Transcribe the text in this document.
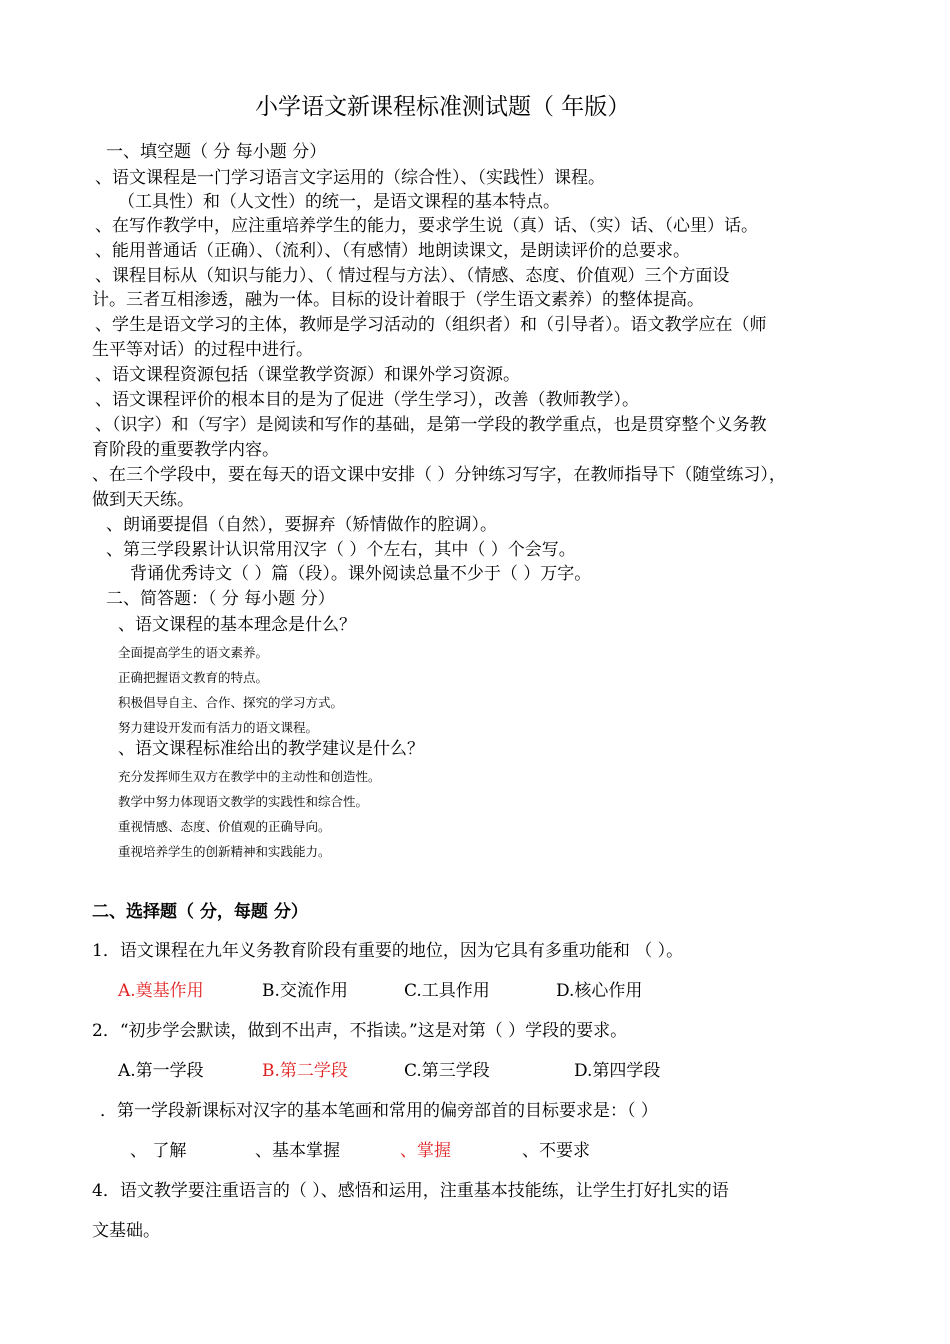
小学语文新课程标准测试题（ 年版）
一、填空题（ 分 每小题 分）
、语文课程是一门学习语言文字运用的（综合性）、（实践性）课程。
（工具性）和（人文性）的统一，是语文课程的基本特点。
、在写作教学中，应注重培养学生的能力，要求学生说（真）话、（实）话、（心里）话。
、能用普通话（正确）、（流利）、（有感情）地朗读课文，是朗读评价的总要求。
、课程目标从（知识与能力）、（ 情过程与方法）、（情感、态度、价值观）三个方面设
计。三者互相渗透，融为一体。目标的设计着眼于（学生语文素养）的整体提高。
、学生是语文学习的主体，教师是学习活动的（组织者）和（引导者）。语文教学应在（师
生平等对话）的过程中进行。
、语文课程资源包括（课堂教学资源）和课外学习资源。
、语文课程评价的根本目的是为了促进（学生学习），改善（教师教学）。
、（识字）和（写字）是阅读和写作的基础，是第一学段的教学重点，也是贯穿整个义务教
育阶段的重要教学内容。
、在三个学段中，要在每天的语文课中安排（ ）分钟练习写字，在教师指导下（随堂练习），
做到天天练。
、朗诵要提倡（自然），要摒弃（矫情做作的腔调）。
、第三学段累计认识常用汉字（ ）个左右，其中（ ）个会写。
背诵优秀诗文（ ）篇（段）。课外阅读总量不少于（ ）万字。
二、简答题：（ 分 每小题 分）
、语文课程的基本理念是什么？
全面提高学生的语文素养。
正确把握语文教育的特点。
积极倡导自主、合作、探究的学习方式。
努力建设开发而有活力的语文课程。
、语文课程标准给出的教学建议是什么？
充分发挥师生双方在教学中的主动性和创造性。
教学中努力体现语文教学的实践性和综合性。
重视情感、态度、价值观的正确导向。
重视培养学生的创新精神和实践能力。
二、选择题（ 分，每题 分）
1．语文课程在九年义务教育阶段有重要的地位，因为它具有多重功能和 （ ）。
A.奠基作用	B.交流作用	C.工具作用	D.核心作用
2．“初步学会默读，做到不出声，不指读。”这是对第（ ）学段的要求。
A.第一学段	B.第二学段	C.第三学段	D.第四学段
．第一学段新课标对汉字的基本笔画和常用的偏旁部首的目标要求是：（ ）
、 了解	、基本掌握	、掌握	、不要求
4．语文教学要注重语言的（ ）、感悟和运用，注重基本技能练，让学生打好扎实的语
文基础。
